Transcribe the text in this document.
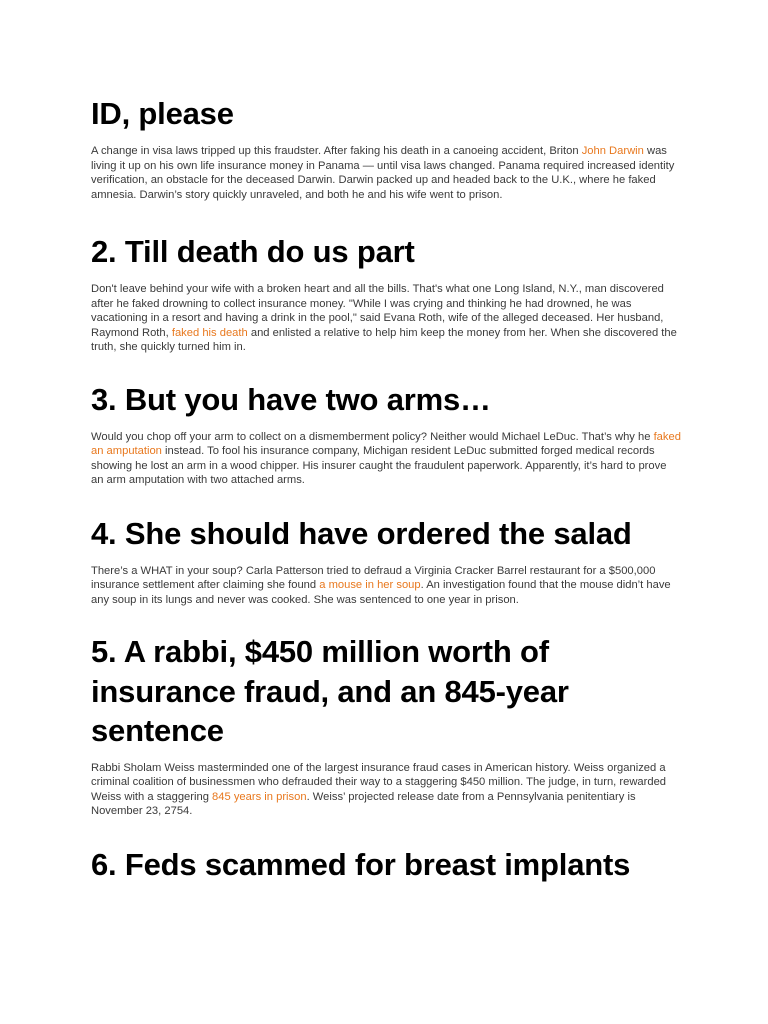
ID, please

A change in visa laws tripped up this fraudster. After faking his death in a canoeing accident, Briton John Darwin was living it up on his own life insurance money in Panama — until visa laws changed. Panama required increased identity verification, an obstacle for the deceased Darwin. Darwin packed up and headed back to the U.K., where he faked amnesia. Darwin’s story quickly unraveled, and both he and his wife went to prison.

2. Till death do us part

Don't leave behind your wife with a broken heart and all the bills. That's what one Long Island, N.Y., man discovered after he faked drowning to collect insurance money. "While I was crying and thinking he had drowned, he was vacationing in a resort and having a drink in the pool," said Evana Roth, wife of the alleged deceased. Her husband, Raymond Roth, faked his death and enlisted a relative to help him keep the money from her. When she discovered the truth, she quickly turned him in.

3. But you have two arms…

Would you chop off your arm to collect on a dismemberment policy? Neither would Michael LeDuc. That’s why he faked an amputation instead. To fool his insurance company, Michigan resident LeDuc submitted forged medical records showing he lost an arm in a wood chipper. His insurer caught the fraudulent paperwork. Apparently, it’s hard to prove an arm amputation with two attached arms.

4. She should have ordered the salad

There’s a WHAT in your soup? Carla Patterson tried to defraud a Virginia Cracker Barrel restaurant for a $500,000 insurance settlement after claiming she found a mouse in her soup. An investigation found that the mouse didn’t have any soup in its lungs and never was cooked. She was sentenced to one year in prison.

5. A rabbi, $450 million worth of insurance fraud, and an 845-year sentence

Rabbi Sholam Weiss masterminded one of the largest insurance fraud cases in American history. Weiss organized a criminal coalition of businessmen who defrauded their way to a staggering $450 million. The judge, in turn, rewarded Weiss with a staggering 845 years in prison. Weiss’ projected release date from a Pennsylvania penitentiary is November 23, 2754.

6. Feds scammed for breast implants
